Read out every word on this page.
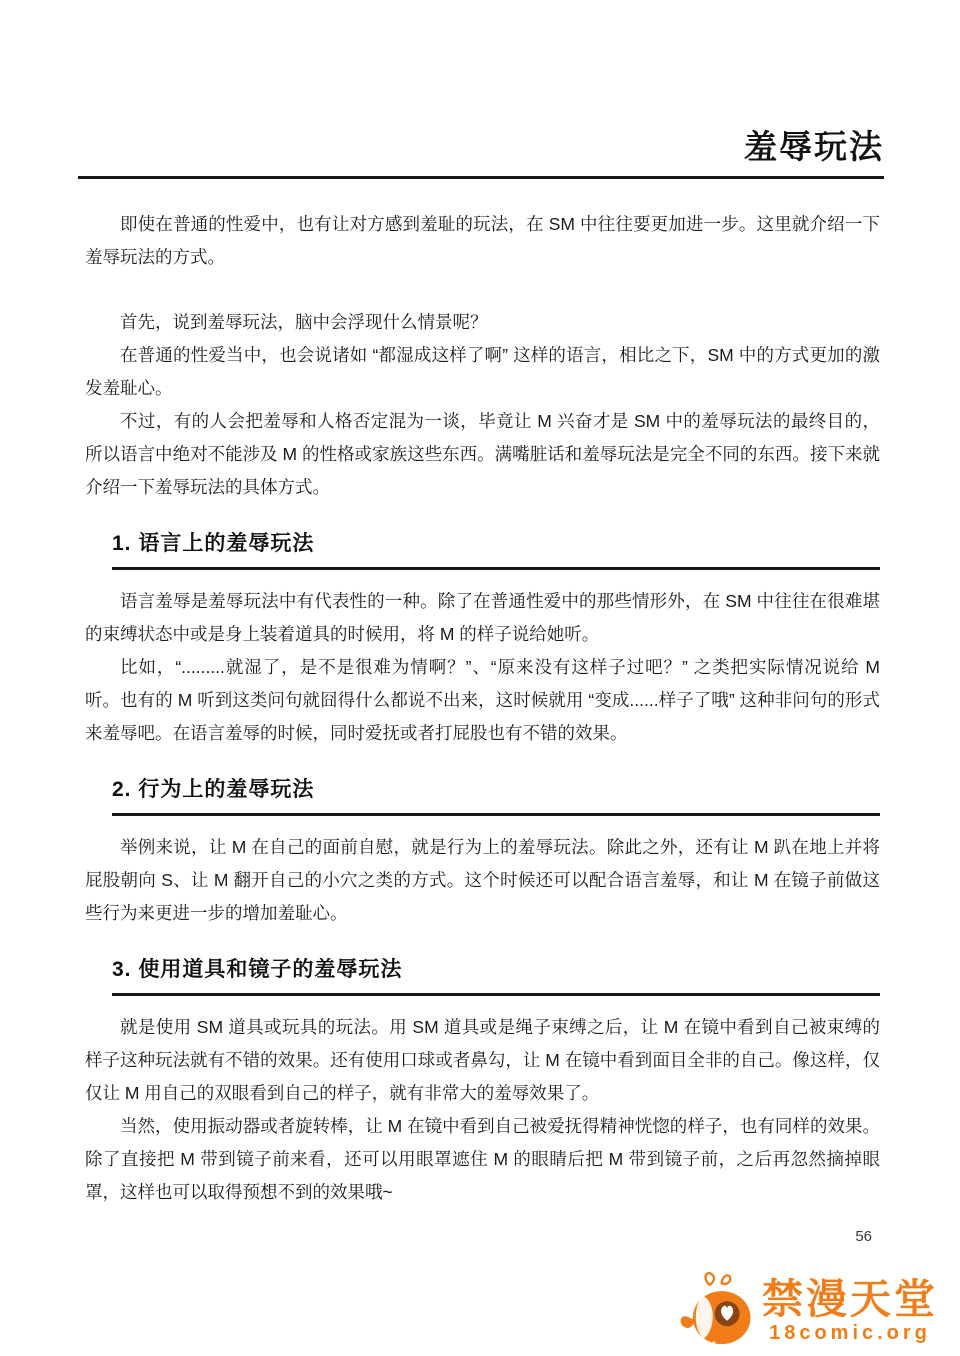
羞辱玩法

即使在普通的性爱中，也有让对方感到羞耻的玩法，在 SM 中往往要更加进一步。这里就介绍一下羞辱玩法的方式。

首先，说到羞辱玩法，脑中会浮现什么情景呢？

在普通的性爱当中，也会说诸如 “都湿成这样了啊” 这样的语言，相比之下，SM 中的方式更加的激发羞耻心。

不过，有的人会把羞辱和人格否定混为一谈，毕竟让 M 兴奋才是 SM 中的羞辱玩法的最终目的，所以语言中绝对不能涉及 M 的性格或家族这些东西。满嘴脏话和羞辱玩法是完全不同的东西。接下来就介绍一下羞辱玩法的具体方式。

1. 语言上的羞辱玩法

语言羞辱是羞辱玩法中有代表性的一种。除了在普通性爱中的那些情形外，在 SM 中往往在很难堪的束缚状态中或是身上装着道具的时候用，将 M 的样子说给她听。

比如，“.........就湿了，是不是很难为情啊？”、“原来没有这样子过吧？” 之类把实际情况说给 M 听。也有的 M 听到这类问句就囧得什么都说不出来，这时候就用 “变成......样子了哦” 这种非问句的形式来羞辱吧。在语言羞辱的时候，同时爱抚或者打屁股也有不错的效果。

2. 行为上的羞辱玩法

举例来说，让 M 在自己的面前自慰，就是行为上的羞辱玩法。除此之外，还有让 M 趴在地上并将屁股朝向 S、让 M 翻开自己的小穴之类的方式。这个时候还可以配合语言羞辱，和让 M 在镜子前做这些行为来更进一步的增加羞耻心。

3. 使用道具和镜子的羞辱玩法

就是使用 SM 道具或玩具的玩法。用 SM 道具或是绳子束缚之后，让 M 在镜中看到自己被束缚的样子这种玩法就有不错的效果。还有使用口球或者鼻勾，让 M 在镜中看到面目全非的自己。像这样，仅仅让 M 用自己的双眼看到自己的样子，就有非常大的羞辱效果了。

当然，使用振动器或者旋转棒，让 M 在镜中看到自己被爱抚得精神恍惚的样子，也有同样的效果。除了直接把 M 带到镜子前来看，还可以用眼罩遮住 M 的眼睛后把 M 带到镜子前，之后再忽然摘掉眼罩，这样也可以取得预想不到的效果哦~

56
禁漫天堂
18comic.org
